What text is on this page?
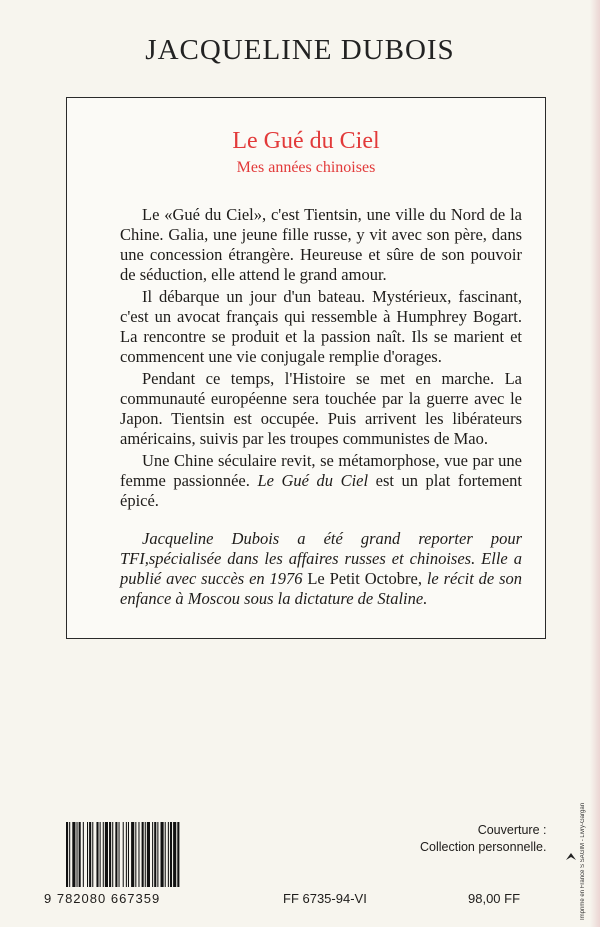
JACQUELINE DUBOIS
Le Gué du Ciel
Mes années chinoises
Le «Gué du Ciel», c'est Tientsin, une ville du Nord de la Chine. Galia, une jeune fille russe, y vit avec son père, dans une concession étrangère. Heureuse et sûre de son pouvoir de séduction, elle attend le grand amour.
Il débarque un jour d'un bateau. Mystérieux, fascinant, c'est un avocat français qui ressemble à Humphrey Bogart. La rencontre se produit et la passion naît. Ils se marient et commencent une vie conjugale remplie d'orages.
Pendant ce temps, l'Histoire se met en marche. La communauté européenne sera touchée par la guerre avec le Japon. Tientsin est occupée. Puis arrivent les libérateurs américains, suivis par les troupes communistes de Mao.
Une Chine séculaire revit, se métamorphose, vue par une femme passionnée. Le Gué du Ciel est un plat fortement épicé.
Jacqueline Dubois a été grand reporter pour TFI,spécialisée dans les affaires russes et chinoises. Elle a publié avec succès en 1976 Le Petit Octobre, le récit de son enfance à Moscou sous la dictature de Staline.
9 782080 667359	FF 6735-94-VI	98,00 FF
Couverture :
Collection personnelle.	Imprimé en France S SAGIM - Livry-Gargan
